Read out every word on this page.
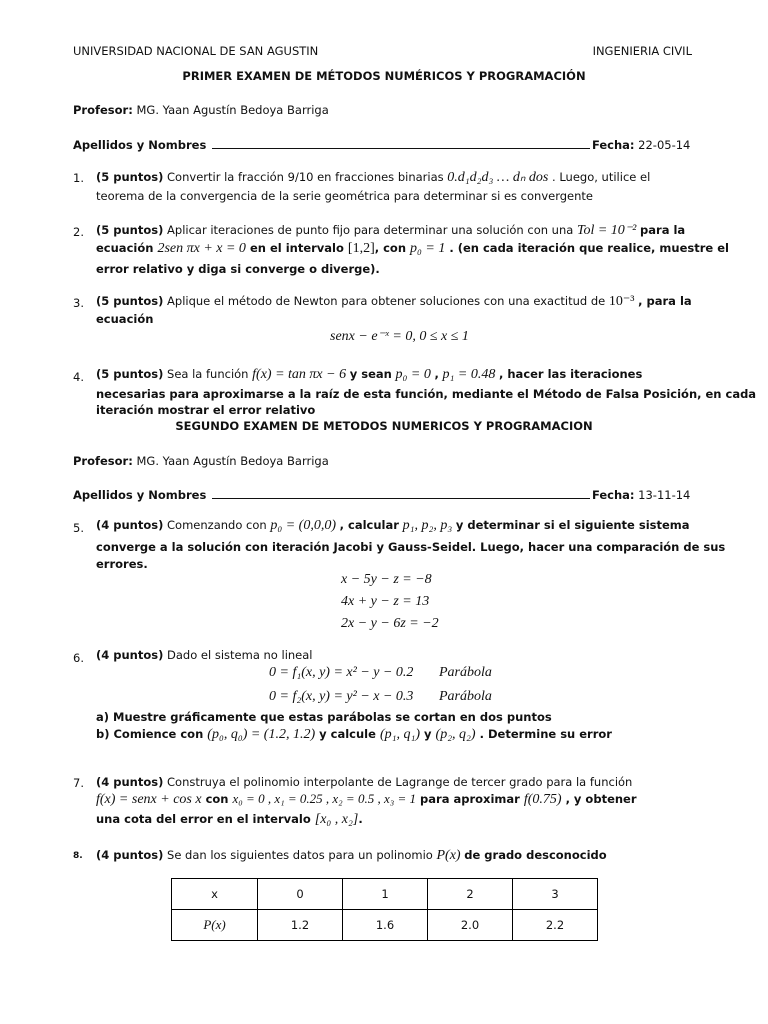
UNIVERSIDAD NACIONAL DE SAN AGUSTIN	INGENIERIA CIVIL
PRIMER EXAMEN DE MÉTODOS NUMÉRICOS Y PROGRAMACIÓN
Profesor: MG. Yaan Agustín Bedoya Barriga
Apellidos y Nombres	Fecha: 22-05-14
1. (5 puntos) Convertir la fracción 9/10 en fracciones binarias 0.d₁d₂d₃ … dₙ dos . Luego, utilice el
teorema de la convergencia de la serie geométrica para determinar si es convergente
2. (5 puntos) Aplicar iteraciones de punto fijo para determinar una solución con una Tol = 10⁻² para la
ecuación 2sen πx + x = 0 en el intervalo [1,2], con p₀ = 1 . (en cada iteración que realice, muestre el
error relativo y diga si converge o diverge).
3. (5 puntos) Aplique el método de Newton para obtener soluciones con una exactitud de 10⁻³ , para la
ecuación
senx − e⁻ˣ = 0, 0 ≤ x ≤ 1
4. (5 puntos) Sea la función f(x) = tan πx − 6 y sean p₀ = 0 , p₁ = 0.48 , hacer las iteraciones
necesarias para aproximarse a la raíz de esta función, mediante el Método de Falsa Posición, en cada
iteración mostrar el error relativo
SEGUNDO EXAMEN DE METODOS NUMERICOS Y PROGRAMACION
Profesor: MG. Yaan Agustín Bedoya Barriga
Apellidos y Nombres	Fecha: 13-11-14
5. (4 puntos) Comenzando con p₀ = (0,0,0) , calcular p₁, p₂, p₃ y determinar si el siguiente sistema
converge a la solución con iteración Jacobi y Gauss-Seidel. Luego, hacer una comparación de sus
errores.
x − 5y − z = −8
4x + y − z = 13
2x − y − 6z = −2
6. (4 puntos) Dado el sistema no lineal
0 = f₁(x, y) = x² − y − 0.2 Parábola
0 = f₂(x, y) = y² − x − 0.3 Parábola
a) Muestre gráficamente que estas parábolas se cortan en dos puntos
b) Comience con (p₀, q₀) = (1.2, 1.2) y calcule (p₁, q₁) y (p₂, q₂) . Determine su error
7. (4 puntos) Construya el polinomio interpolante de Lagrange de tercer grado para la función
f(x) = senx + cos x con x₀ = 0 , x₁ = 0.25 , x₂ = 0.5 , x₃ = 1 para aproximar f(0.75) , y obtener
una cota del error en el intervalo [x₀ , x₂].
8. (4 puntos) Se dan los siguientes datos para un polinomio P(x) de grado desconocido
x	0	1	2	3
P(x)	1.2	1.6	2.0	2.2
